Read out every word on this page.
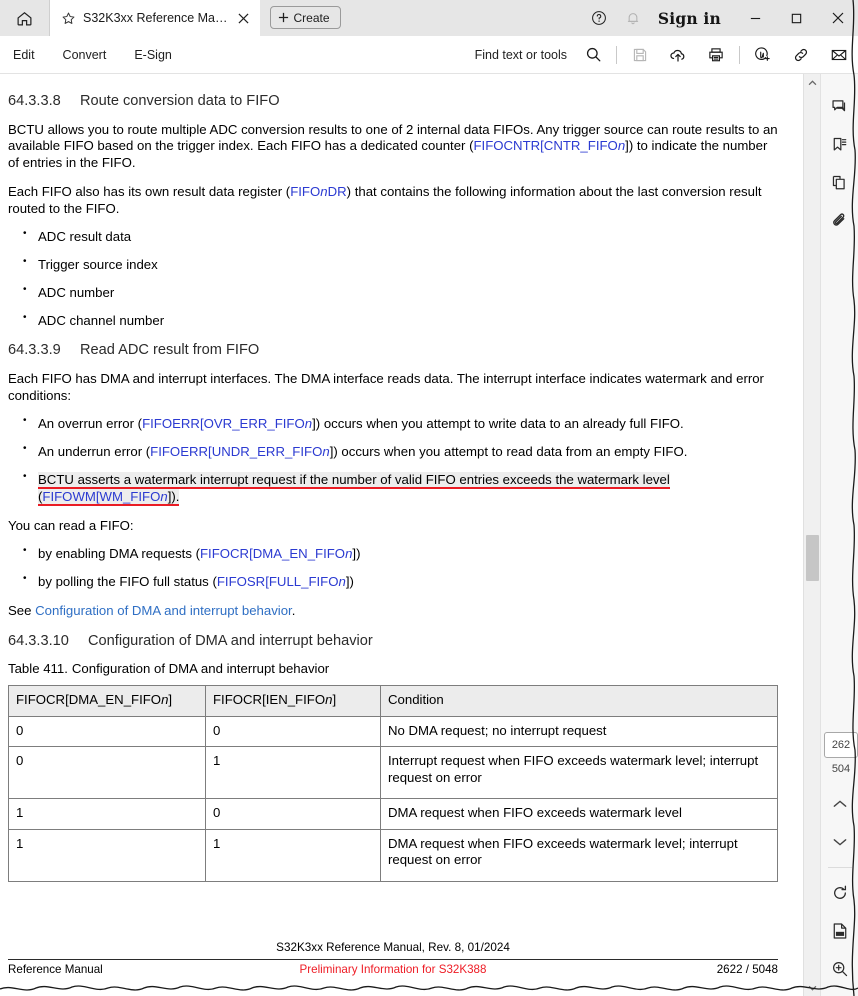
S32K3xx Reference Ma…	Create	Sign in
Edit	Convert	E-Sign	Find text or tools
64.3.3.8 Route conversion data to FIFO

BCTU allows you to route multiple ADC conversion results to one of 2 internal data FIFOs. Any trigger source can route results to an available FIFO based on the trigger index. Each FIFO has a dedicated counter (FIFOCNTR[CNTR_FIFOn]) to indicate the number of entries in the FIFO.

Each FIFO also has its own result data register (FIFOnDR) that contains the following information about the last conversion result routed to the FIFO.

• ADC result data
• Trigger source index
• ADC number
• ADC channel number
64.3.3.9 Read ADC result from FIFO

Each FIFO has DMA and interrupt interfaces. The DMA interface reads data. The interrupt interface indicates watermark and error conditions:

• An overrun error (FIFOERR[OVR_ERR_FIFOn]) occurs when you attempt to write data to an already full FIFO.
• An underrun error (FIFOERR[UNDR_ERR_FIFOn]) occurs when you attempt to read data from an empty FIFO.
• BCTU asserts a watermark interrupt request if the number of valid FIFO entries exceeds the watermark level (FIFOWM[WM_FIFOn]).

You can read a FIFO:

• by enabling DMA requests (FIFOCR[DMA_EN_FIFOn])
• by polling the FIFO full status (FIFOSR[FULL_FIFOn])

See Configuration of DMA and interrupt behavior.

64.3.3.10 Configuration of DMA and interrupt behavior
Table 411. Configuration of DMA and interrupt behavior
FIFOCR[DMA_EN_FIFOn]	FIFOCR[IEN_FIFOn]	Condition
0	0	No DMA request; no interrupt request
0	1	Interrupt request when FIFO exceeds watermark level; interrupt request on error
1	0	DMA request when FIFO exceeds watermark level
1	1	DMA request when FIFO exceeds watermark level; interrupt request on error
S32K3xx Reference Manual, Rev. 8, 01/2024
Reference Manual	Preliminary Information for S32K388	2622 / 5048
262
504
